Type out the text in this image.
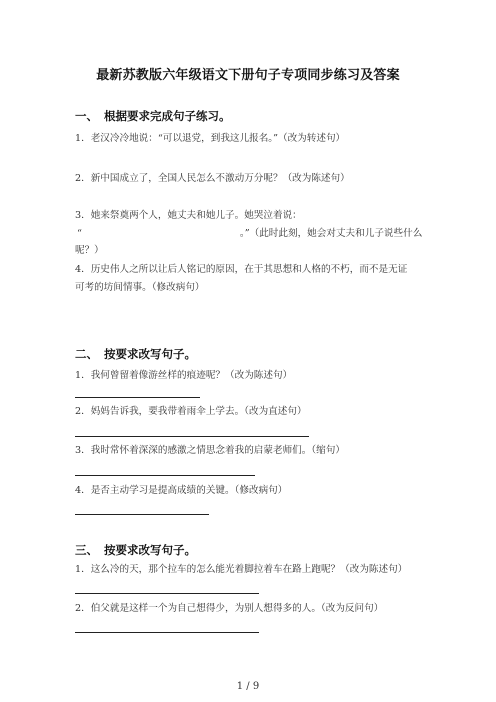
最新苏教版六年级语文下册句子专项同步练习及答案
一、 根据要求完成句子练习。
1．老汉冷冷地说：“可以退党，到我这儿报名。”（改为转述句）
2．新中国成立了，全国人民怎么不激动万分呢？（改为陈述句）
3．她来祭奠两个人，她丈夫和她儿子。她哭泣着说：
“	。”（此时此刻，她会对丈夫和儿子说些什么
呢？）
4．历史伟人之所以让后人铭记的原因，在于其思想和人格的不朽，而不是无证
可考的坊间情事。（修改病句）
二、 按要求改写句子。
1．我何曾留着像游丝样的痕迹呢？（改为陈述句）
2．妈妈告诉我，要我带着雨伞上学去。（改为直述句）
3．我时常怀着深深的感激之情思念着我的启蒙老师们。（缩句）
4．是否主动学习是提高成绩的关键。（修改病句）
三、 按要求改写句子。
1．这么冷的天，那个拉车的怎么能光着脚拉着车在路上跑呢？（改为陈述句）
2．伯父就是这样一个为自己想得少，为别人想得多的人。（改为反问句）
1 / 9
